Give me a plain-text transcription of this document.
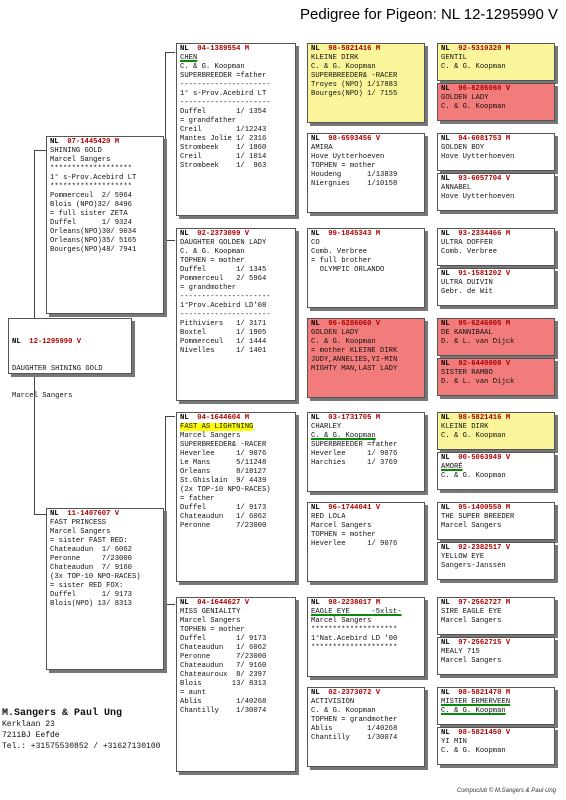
Pedigree for Pigeon: NL 12-1295990 V

NL 12-1295990 V

DAUGHTER SHINING GOLD

Marcel Sangers

NL 07-1445420 M
SHINING GOLD
Marcel Sangers
*******************
1° s-Prov.Acebird LT
*******************
Pommerceul  2/ 5964
Blois (NPO)32/ 8496
= full sister ZETA
Duffel      1/ 9324
Orleans(NPO)30/ 9034
Orleans(NPO)35/ 5165
Bourges(NPO)48/ 7941
NL 11-1407607 V
FAST PRINCESS
Marcel Sangers
= sister FAST RED:
Chateaudun  1/ 6062
Peronne     7/23000
Chateaudun  7/ 9160
(3x TOP-10 NPO-RACES)
= sister RED FOX:
Duffel      1/ 9173
Blois(NPO) 13/ 8313
NL 04-1389554 M
CHEN
C. & G. Koopman
SUPERBREEDER =father
---------------------
1° s-Prov.Acebird LT
---------------------
Duffel       1/ 1354
= grandfather
Creil        1/12243
Mantes Jolie 1/ 2316
Strombeek    1/ 1860
Creil        1/ 1014
Strombeek    1/  963
NL 02-2373099 V
DAUGHTER GOLDEN LADY
C. & G. Koopman
TOPHEN = mother
Duffel       1/ 1345
Pommerceul   2/ 5964
= grandmother
---------------------
1°Prov.Acebird LD'08
---------------------
Pithiviers   1/ 3171
Boxtel       1/ 1905
Pommerceul   1/ 1444
Nivelles     1/ 1401
NL 04-1644604 M
FAST AS LIGHTNING
Marcel Sangers
SUPERBREEDER& -RACER
Heverlee     1/ 9076
Le Mans      5/11248
Orleans      8/18127
St.Ghislain  9/ 4439
(2x TOP-10 NPO-RACES)
= father
Duffel       1/ 9173
Chateaudun   1/ 6062
Peronne      7/23000
NL 04-1644627 V
MISS GENIALITY
Marcel Sangers
TOPHEN = mother
Duffel       1/ 9173
Chateaudun   1/ 6062
Peronne      7/23000
Chateaudun   7/ 9160
Chateauroux  8/ 2397
Blois       13/ 8313
= aunt
Ablis        1/40268
Chantilly    1/30074
NL 98-5821416 M
KLEINE DIRK
C. & G. Koopman
SUPERBREEDER& -RACER
Troyes (NPO) 1/17883
Bourges(NPO) 1/ 7155
NL 98-6593456 V
AMIRA
Hove Uytterhoeven
TOPHEN = mother
Houdeng      1/13839
Niergnies    1/10158
NL 99-1845343 M
CO
Comb. Verbree
= full brother
OLYMPIC ORLANDO
NL 96-6286060 V
GOLDEN LADY
C. & G. Koopman
= mother KLEINE DIRK
JUDY,ANNELIES,YI-MIN
MIGHTY MAN,LAST LADY
NL 03-1731705 M
CHARLEY
C. & G. Koopman
SUPERBREEDER =father
Heverlee     1/ 9076
Harchies     1/ 3769
NL 96-1744041 V
RED LOLA
Marcel Sangers
TOPHEN = mother
Heverlee     1/ 9076
NL 98-2238017 M
EAGLE EYE	-5xlst-
Marcel Sangers
********************
1°Nat.Acebird LD '00
********************
NL 02-2373072 V
ACTIVISION
C. & G. Koopman
TOPHEN = grandmother
Ablis        1/40268
Chantilly    1/30074
NL 92-5310320 M
GENTIL
C. & G. Koopman
NL 96-6286060 V
GOLDEN LADY
C. & G. Koopman
NL 94-6081753 M
GOLDEN BOY
Hove Uytterhoeven
NL 93-6057704 V
ANNABEL
Hove Uytterhoeven
NL 93-2334466 M
ULTRA DOFFER
Comb. Verbree
NL 91-1581202 V
ULTRA DUIVIN
Gebr. de Wit
NL 95-6246005 M
DE KANNIBAAL
D. & L. van Dijck
NL 92-6440008 V
SISTER RAMBO
D. & L. van Dijck
NL 98-5821416 M
KLEINE DIRK
C. & G. Koopman
NL 00-5063949 V
AMORÉ
C. & G. Koopman
NL 95-1400550 M
THE SUPER BREEDER
Marcel Sangers
NL 92-2382517 V
YELLOW EYE
Sangers-Janssen
NL 97-2562727 M
SIRE EAGLE EYE
Marcel Sangers
NL 97-2562715 V
MEALY 715
Marcel Sangers
NL 98-5821470 M
MISTER ERMERVEEN
C. & G. Koopman
NL 98-5821450 V
YI MIN
C. & G. Koopman
M.Sangers & Paul Ung
Kerklaan 23
7211BJ Eefde
Tel.: +31575530852 / +31627130100
Compuclub © M.Sangers & Paul Ung
